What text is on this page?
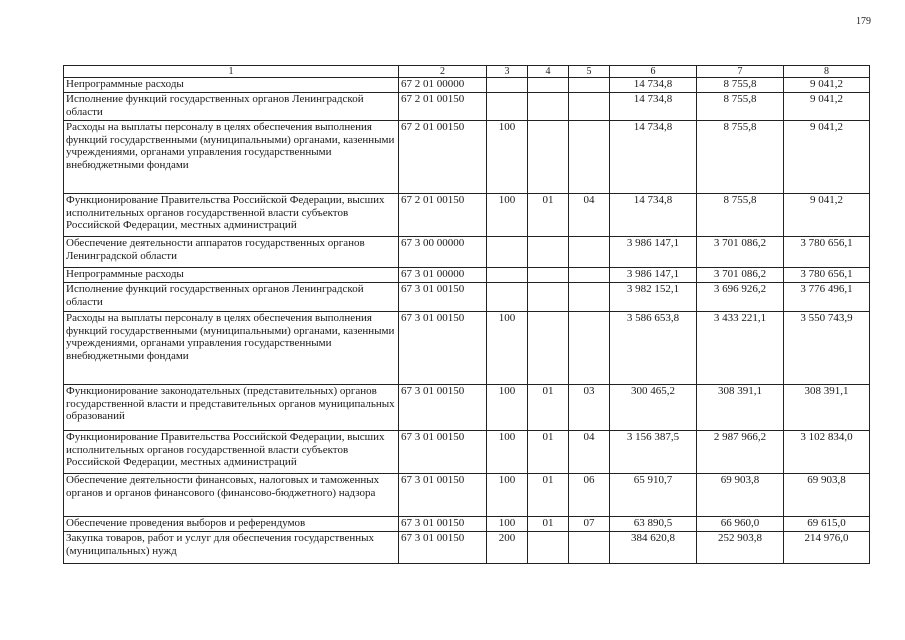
179
1	2	3	4	5	6	7	8
Непрограммные расходы	67 2 01 00000				14 734,8	8 755,8	9 041,2
Исполнение функций государственных органов Ленинградской области	67 2 01 00150				14 734,8	8 755,8	9 041,2
Расходы на выплаты персоналу в целях обеспечения выполнения функций государственными (муниципальными) органами, казенными учреждениями, органами управления государственными внебюджетными фондами	67 2 01 00150	100			14 734,8	8 755,8	9 041,2
Функционирование Правительства Российской Федерации, высших исполнительных органов государственной власти субъектов Российской Федерации, местных администраций	67 2 01 00150	100	01	04	14 734,8	8 755,8	9 041,2
Обеспечение деятельности аппаратов государственных органов Ленинградской области	67 3 00 00000				3 986 147,1	3 701 086,2	3 780 656,1
Непрограммные расходы	67 3 01 00000				3 986 147,1	3 701 086,2	3 780 656,1
Исполнение функций государственных органов Ленинградской области	67 3 01 00150				3 982 152,1	3 696 926,2	3 776 496,1
Расходы на выплаты персоналу в целях обеспечения выполнения функций государственными (муниципальными) органами, казенными учреждениями, органами управления государственными внебюджетными фондами	67 3 01 00150	100			3 586 653,8	3 433 221,1	3 550 743,9
Функционирование законодательных (представительных) органов государственной власти и представительных органов муниципальных образований	67 3 01 00150	100	01	03	300 465,2	308 391,1	308 391,1
Функционирование Правительства Российской Федерации, высших исполнительных органов государственной власти субъектов Российской Федерации, местных администраций	67 3 01 00150	100	01	04	3 156 387,5	2 987 966,2	3 102 834,0
Обеспечение деятельности финансовых, налоговых и таможенных органов и органов финансового (финансово-бюджетного) надзора	67 3 01 00150	100	01	06	65 910,7	69 903,8	69 903,8
Обеспечение проведения выборов и референдумов	67 3 01 00150	100	01	07	63 890,5	66 960,0	69 615,0
Закупка товаров, работ и услуг для обеспечения государственных (муниципальных) нужд	67 3 01 00150	200			384 620,8	252 903,8	214 976,0
